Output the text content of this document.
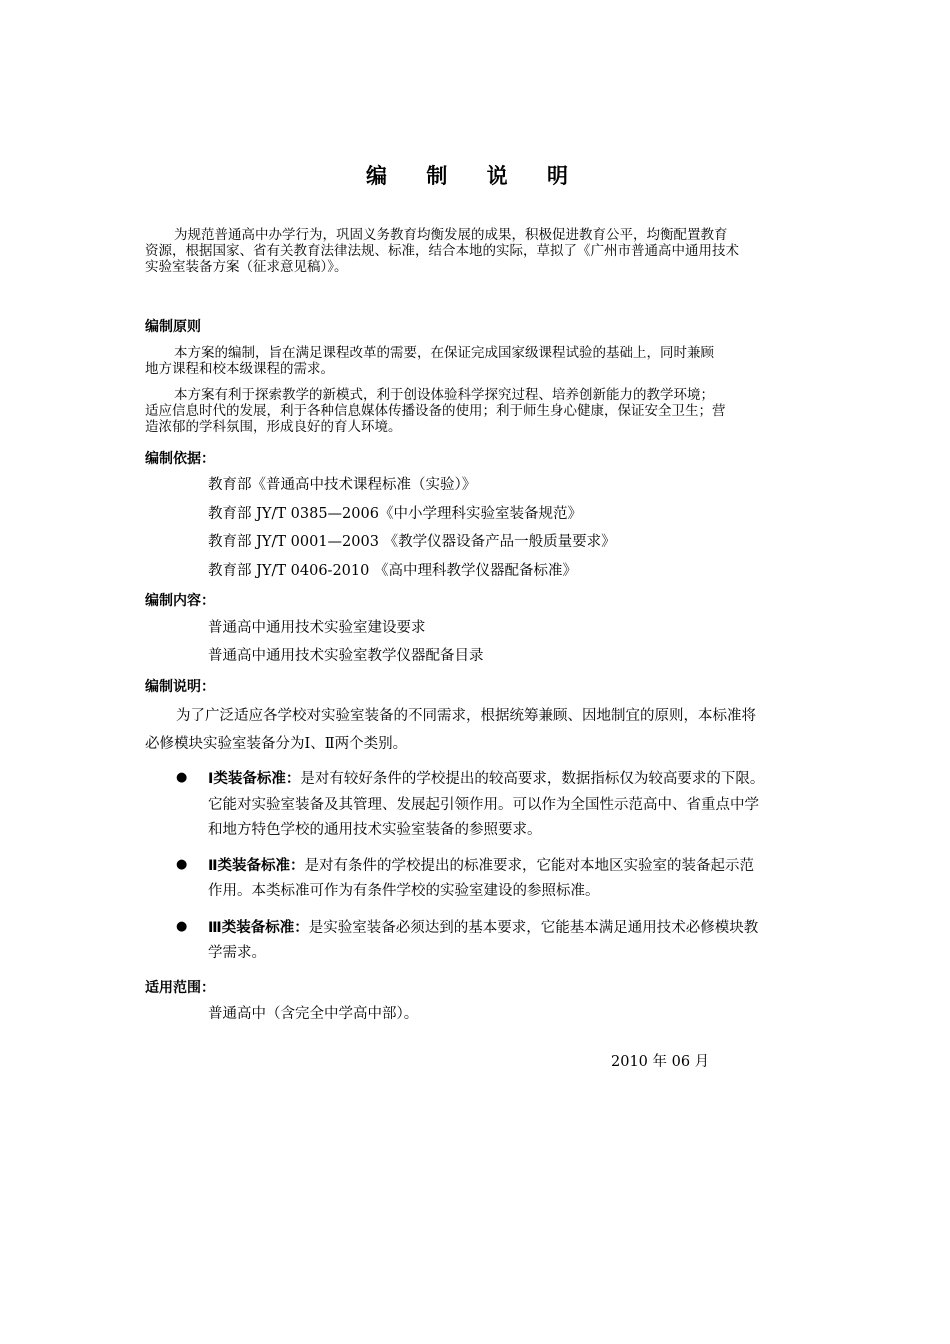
编 制 说 明
为规范普通高中办学行为，巩固义务教育均衡发展的成果，积极促进教育公平，均衡配置教育
资源，根据国家、省有关教育法律法规、标准，结合本地的实际，草拟了《广州市普通高中通用技术
实验室装备方案（征求意见稿）》。
编制原则
本方案的编制，旨在满足课程改革的需要，在保证完成国家级课程试验的基础上，同时兼顾
地方课程和校本级课程的需求。
本方案有利于探索教学的新模式，利于创设体验科学探究过程、培养创新能力的教学环境；
适应信息时代的发展，利于各种信息媒体传播设备的使用；利于师生身心健康，保证安全卫生；营
造浓郁的学科氛围，形成良好的育人环境。
编制依据：
教育部《普通高中技术课程标准（实验）》
教育部 JY/T 0385—2006《中小学理科实验室装备规范》
教育部 JY/T 0001—2003 《教学仪器设备产品一般质量要求》
教育部 JY/T 0406-2010 《高中理科教学仪器配备标准》
编制内容：
普通高中通用技术实验室建设要求
普通高中通用技术实验室教学仪器配备目录
编制说明：
为了广泛适应各学校对实验室装备的不同需求，根据统筹兼顾、因地制宜的原则，本标准将
必修模块实验室装备分为Ⅰ、Ⅱ两个类别。
● Ⅰ类装备标准：是对有较好条件的学校提出的较高要求，数据指标仅为较高要求的下限。
它能对实验室装备及其管理、发展起引领作用。可以作为全国性示范高中、省重点中学
和地方特色学校的通用技术实验室装备的参照要求。
● Ⅱ类装备标准：是对有条件的学校提出的标准要求，它能对本地区实验室的装备起示范
作用。本类标准可作为有条件学校的实验室建设的参照标准。
● Ⅲ类装备标准：是实验室装备必须达到的基本要求，它能基本满足通用技术必修模块教
学需求。
适用范围：
普通高中（含完全中学高中部）。
2010 年 06 月
